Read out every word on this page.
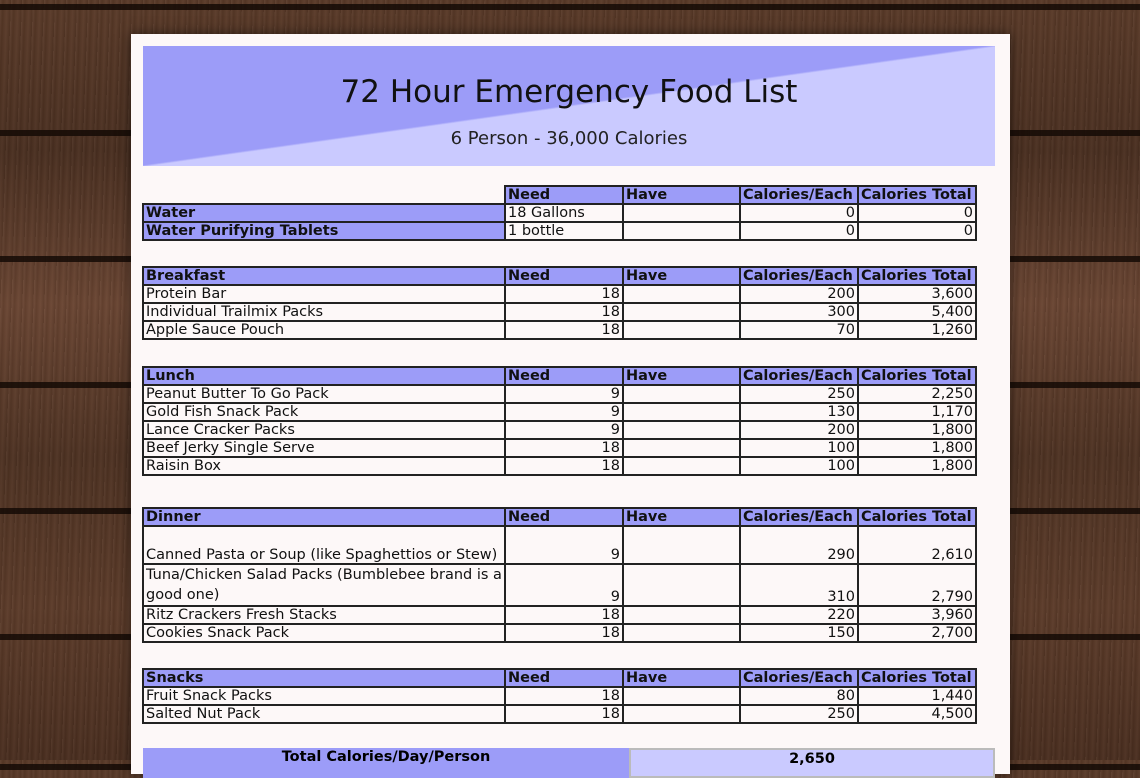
72 Hour Emergency Food List
6 Person - 36,000 Calories
	Need	Have	Calories/Each	Calories Total
Water	18 Gallons		0	0
Water Purifying Tablets	1 bottle		0	0
Breakfast	Need	Have	Calories/Each	Calories Total
Protein Bar	18		200	3,600
Individual Trailmix Packs	18		300	5,400
Apple Sauce Pouch	18		70	1,260
Lunch	Need	Have	Calories/Each	Calories Total
Peanut Butter To Go Pack	9		250	2,250
Gold Fish Snack Pack	9		130	1,170
Lance Cracker Packs	9		200	1,800
Beef Jerky Single Serve	18		100	1,800
Raisin Box	18		100	1,800
Dinner	Need	Have	Calories/Each	Calories Total
Canned Pasta or Soup (like Spaghettios or Stew)	9		290	2,610
Tuna/Chicken Salad Packs (Bumblebee brand is a good one)	9		310	2,790
Ritz Crackers Fresh Stacks	18		220	3,960
Cookies Snack Pack	18		150	2,700
Snacks	Need	Have	Calories/Each	Calories Total
Fruit Snack Packs	18		80	1,440
Salted Nut Pack	18		250	4,500
Total Calories/Day/Person	2,650
